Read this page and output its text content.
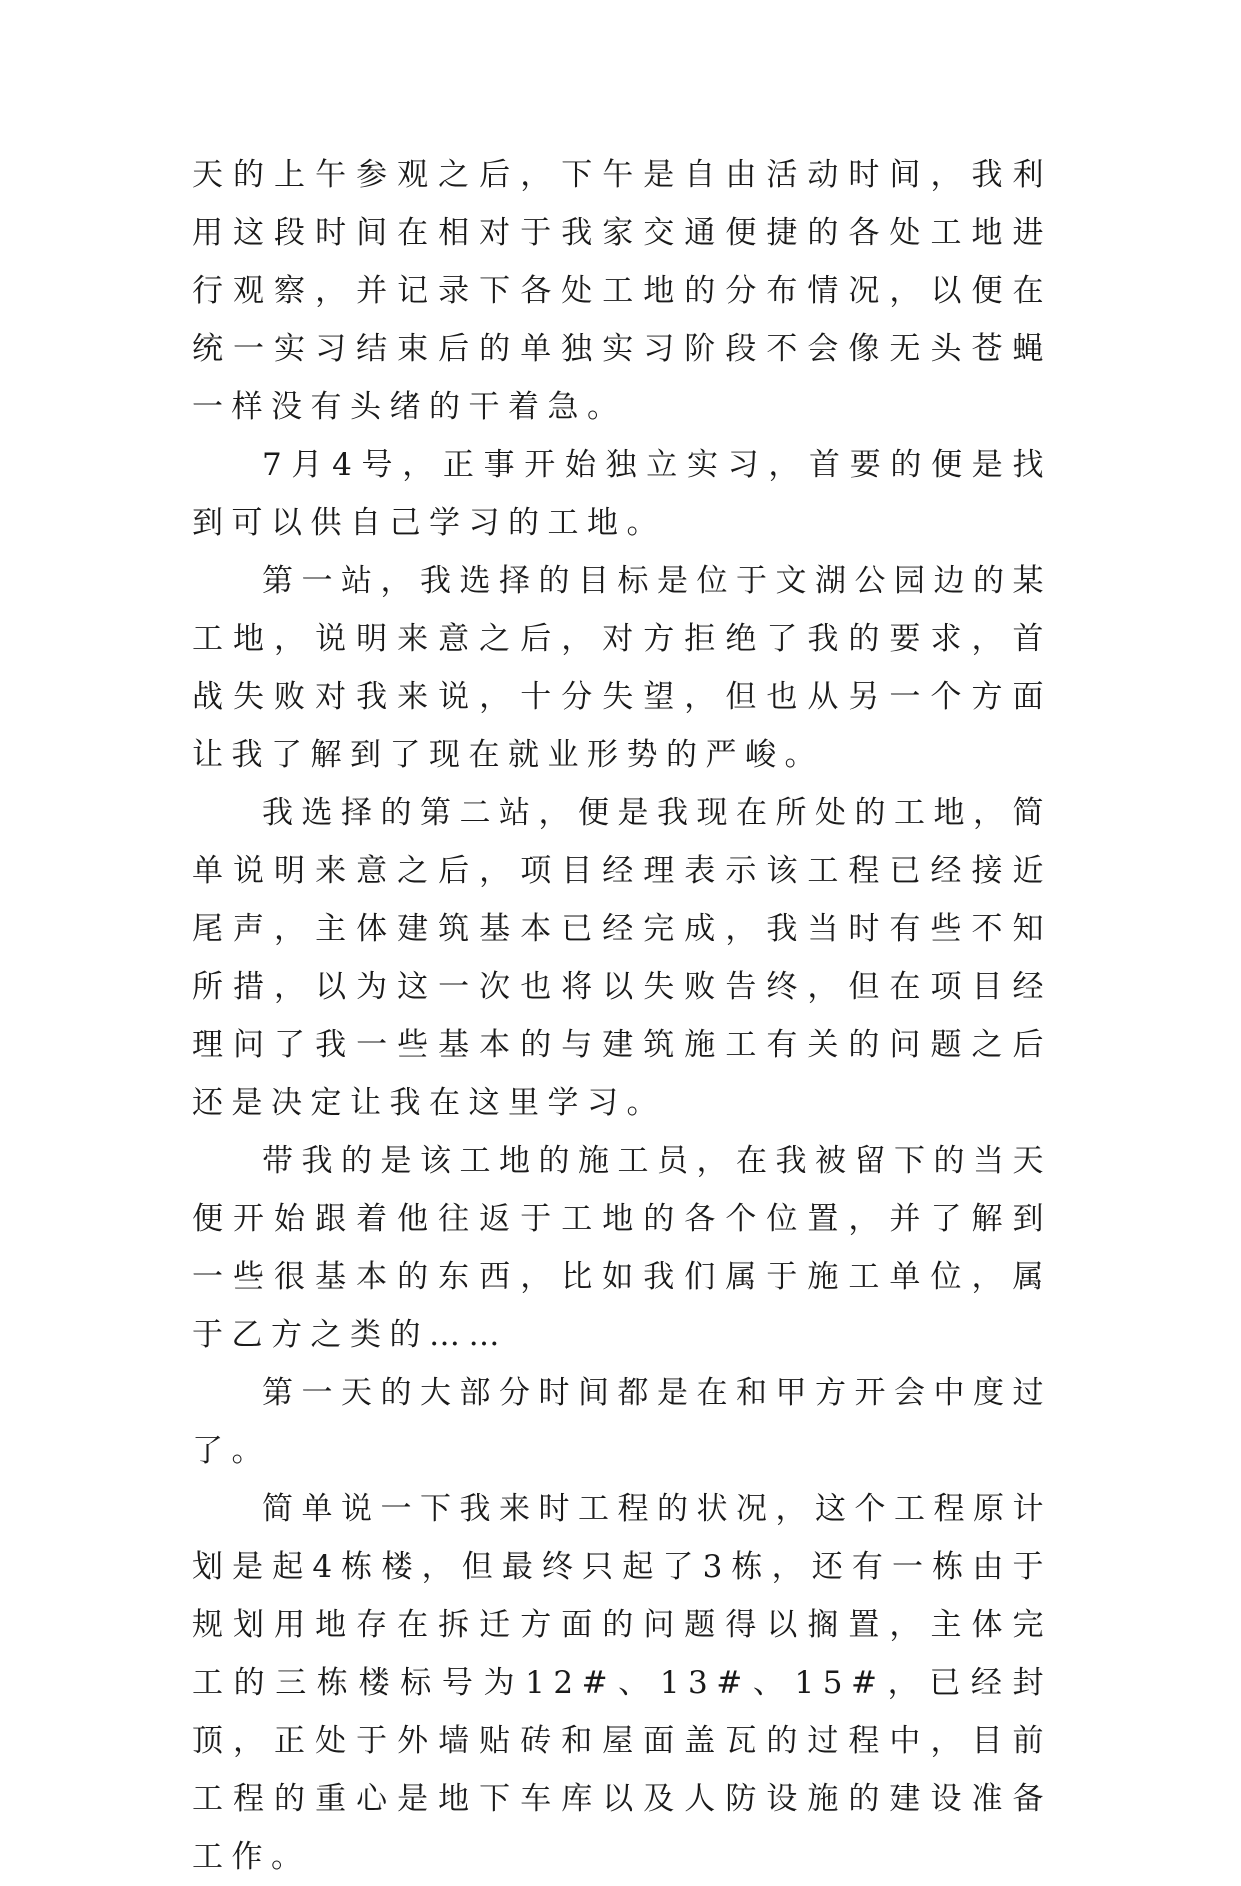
天的上午参观之后，下午是自由活动时间，我利用这段时间在相对于我家交通便捷的各处工地进行观察，并记录下各处工地的分布情况，以便在统一实习结束后的单独实习阶段不会像无头苍蝇一样没有头绪的干着急。

7月4号，正事开始独立实习，首要的便是找到可以供自己学习的工地。

第一站，我选择的目标是位于文湖公园边的某工地，说明来意之后，对方拒绝了我的要求，首战失败对我来说，十分失望，但也从另一个方面让我了解到了现在就业形势的严峻。

我选择的第二站，便是我现在所处的工地，简单说明来意之后，项目经理表示该工程已经接近尾声，主体建筑基本已经完成，我当时有些不知所措，以为这一次也将以失败告终，但在项目经理问了我一些基本的与建筑施工有关的问题之后还是决定让我在这里学习。

带我的是该工地的施工员，在我被留下的当天便开始跟着他往返于工地的各个位置，并了解到一些很基本的东西，比如我们属于施工单位，属于乙方之类的……

第一天的大部分时间都是在和甲方开会中度过了。

简单说一下我来时工程的状况，这个工程原计划是起4栋楼，但最终只起了3栋，还有一栋由于规划用地存在拆迁方面的问题得以搁置，主体完工的三栋楼标号为12#、13#、15#，已经封顶，正处于外墙贴砖和屋面盖瓦的过程中，目前工程的重心是地下车库以及人防设施的建设准备工作。
